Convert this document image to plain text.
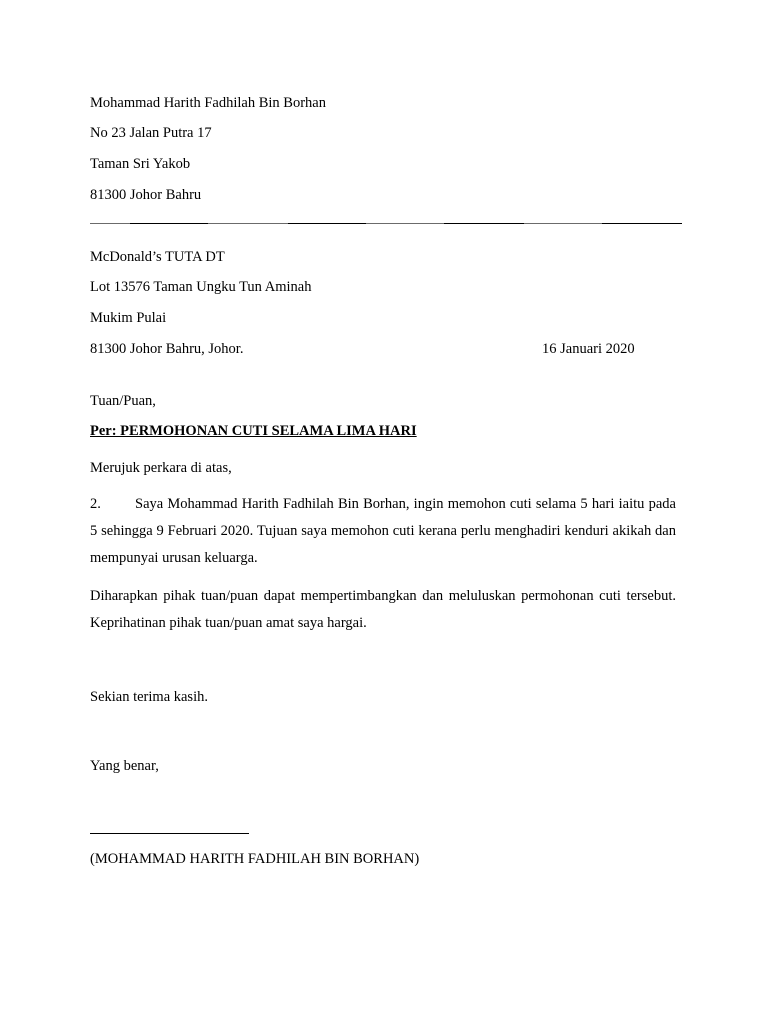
Mohammad Harith Fadhilah Bin Borhan
No 23 Jalan Putra 17
Taman Sri Yakob
81300 Johor Bahru
McDonald’s TUTA DT
Lot 13576 Taman Ungku Tun Aminah
Mukim Pulai
81300 Johor Bahru, Johor.	16 Januari 2020
Tuan/Puan,
Per: PERMOHONAN CUTI SELAMA LIMA HARI
Merujuk perkara di atas,
2. Saya Mohammad Harith Fadhilah Bin Borhan, ingin memohon cuti selama 5 hari iaitu pada 5 sehingga 9 Februari 2020. Tujuan saya memohon cuti kerana perlu menghadiri kenduri akikah dan mempunyai urusan keluarga.
Diharapkan pihak tuan/puan dapat mempertimbangkan dan meluluskan permohonan cuti tersebut. Keprihatinan pihak tuan/puan amat saya hargai.
Sekian terima kasih.
Yang benar,
(MOHAMMAD HARITH FADHILAH BIN BORHAN)
